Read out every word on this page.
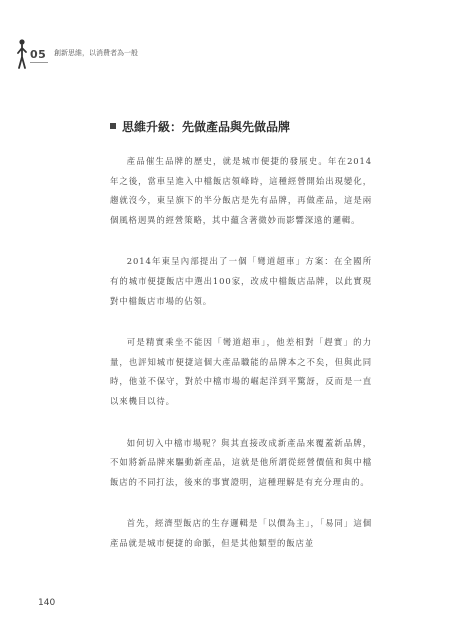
05 創新思維，以消費者為一般
思維升級：先做產品與先做品牌

產品催生品牌的歷史，就是城市便捷的發展史。年在2014年之後，當車呈進入中檔飯店領峰時，這種經營開始出現變化，趨就沒今，東呈旗下的半分飯店是先有品牌，再做產品，這是兩個風格迥異的經營策略，其中蘊含著微妙而影響深遠的邏輯。

2014年東呈內部提出了一個「彎道超車」方案：在全國所有的城市便捷飯店中選出100家，改成中檔飯店品牌，以此實現對中檔飯店市場的佔領。

可是精實乘坐不能因「彎道超車」，他差相對「趕實」的力量，也評知城市便捷這個大產品職能的品牌本之不矣，但與此同時，他並不保守，對於中檔市場的崛起洋到平驚訝，反而是一直以來機目以待。

如何切入中檔市場呢？與其直接改成新產品來覆蓋新品牌，不如將新品牌來驅動新產品，這就是他所謂從經營價值和與中檔飯店的不同打法，後來的事實證明，這種理解是有充分理由的。

首先，經濟型飯店的生存邏輯是「以價為主」，「易同」這個產品就是城市便捷的命脈，但是其他類型的飯店並

140
